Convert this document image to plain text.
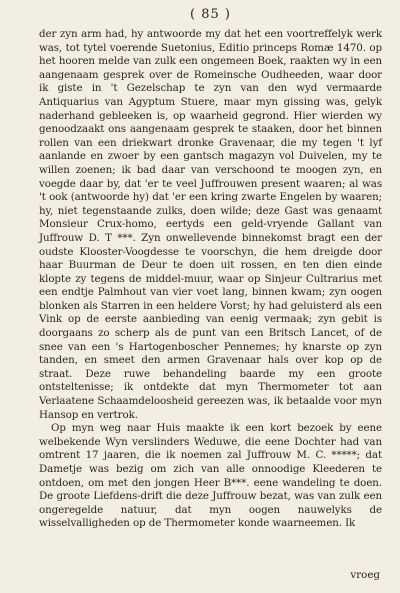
( 85 )

der zyn arm had, hy antwoorde my dat het een voortreffelyk werk was, tot tytel voerende Suetonius, Editio princeps Romæ 1470. op het hooren melde van zulk een ongemeen Boek, raakten wy in een aangenaam gesprek over de Romeinsche Oudheeden, waar door ik giste in 't Gezelschap te zyn van den wyd vermaarde Antiquarius van Agyptum Stuere, maar myn gissing was, gelyk naderhand gebleeken is, op waarheid gegrond. Hier wierden wy genoodzaakt ons aangenaam gesprek te staaken, door het binnen rollen van een driekwart dronke Gravenaar, die my tegen 't lyf aanlande en zwoer by een gantsch magazyn vol Duivelen, my te willen zoenen; ik bad daar van verschoond te moogen zyn, en voegde daar by, dat 'er te veel Juffrouwen present waaren; al was 't ook (antwoorde hy) dat 'er een kring zwarte Engelen by waaren; hy, niet tegenstaande zulks, doen wilde; deze Gast was genaamt Monsieur Crux-homo, eertyds een geld-vryende Gallant van Juffrouw D. T ***. Zyn onwellevende binnekomst bragt een der oudste Klooster-Voogdesse te voorschyn, die hem dreigde door haar Buurman de Deur te doen uit rossen, en ten dien einde klopte zy tegens de middel-muur, waar op Sinjeur Cultrarius met een endtje Palmhout van vier voet lang, binnen kwam; zyn oogen blonken als Starren in een heldere Vorst; hy had geluisterd als een Vink op de eerste aanbieding van eenig vermaak; zyn gebit is doorgaans zo scherp als de punt van een Britsch Lancet, of de snee van een 's Hartogenboscher Pennemes; hy knarste op zyn tanden, en smeet den armen Gravenaar hals over kop op de straat. Deze ruwe behandeling baarde my een groote ontsteltenisse; ik ontdekte dat myn Thermometer tot aan Verlaatene Schaamdeloosheid gereezen was, ik betaalde voor myn Hansop en vertrok.

Op myn weg naar Huis maakte ik een kort bezoek by eene welbekende Wyn verslinders Weduwe, die eene Dochter had van omtrent 17 jaaren, die ik noemen zal Juffrouw M. C. *****; dat Dametje was bezig om zich van alle onnoodige Kleederen te ontdoen, om met den jongen Heer B***. eene wandeling te doen. De groote Liefdens-drift die deze Juffrouw bezat, was van zulk een ongeregelde natuur, dat myn oogen nauwelyks de wisselvalligheden op de Thermometer konde waarneemen. Ik

vroeg
